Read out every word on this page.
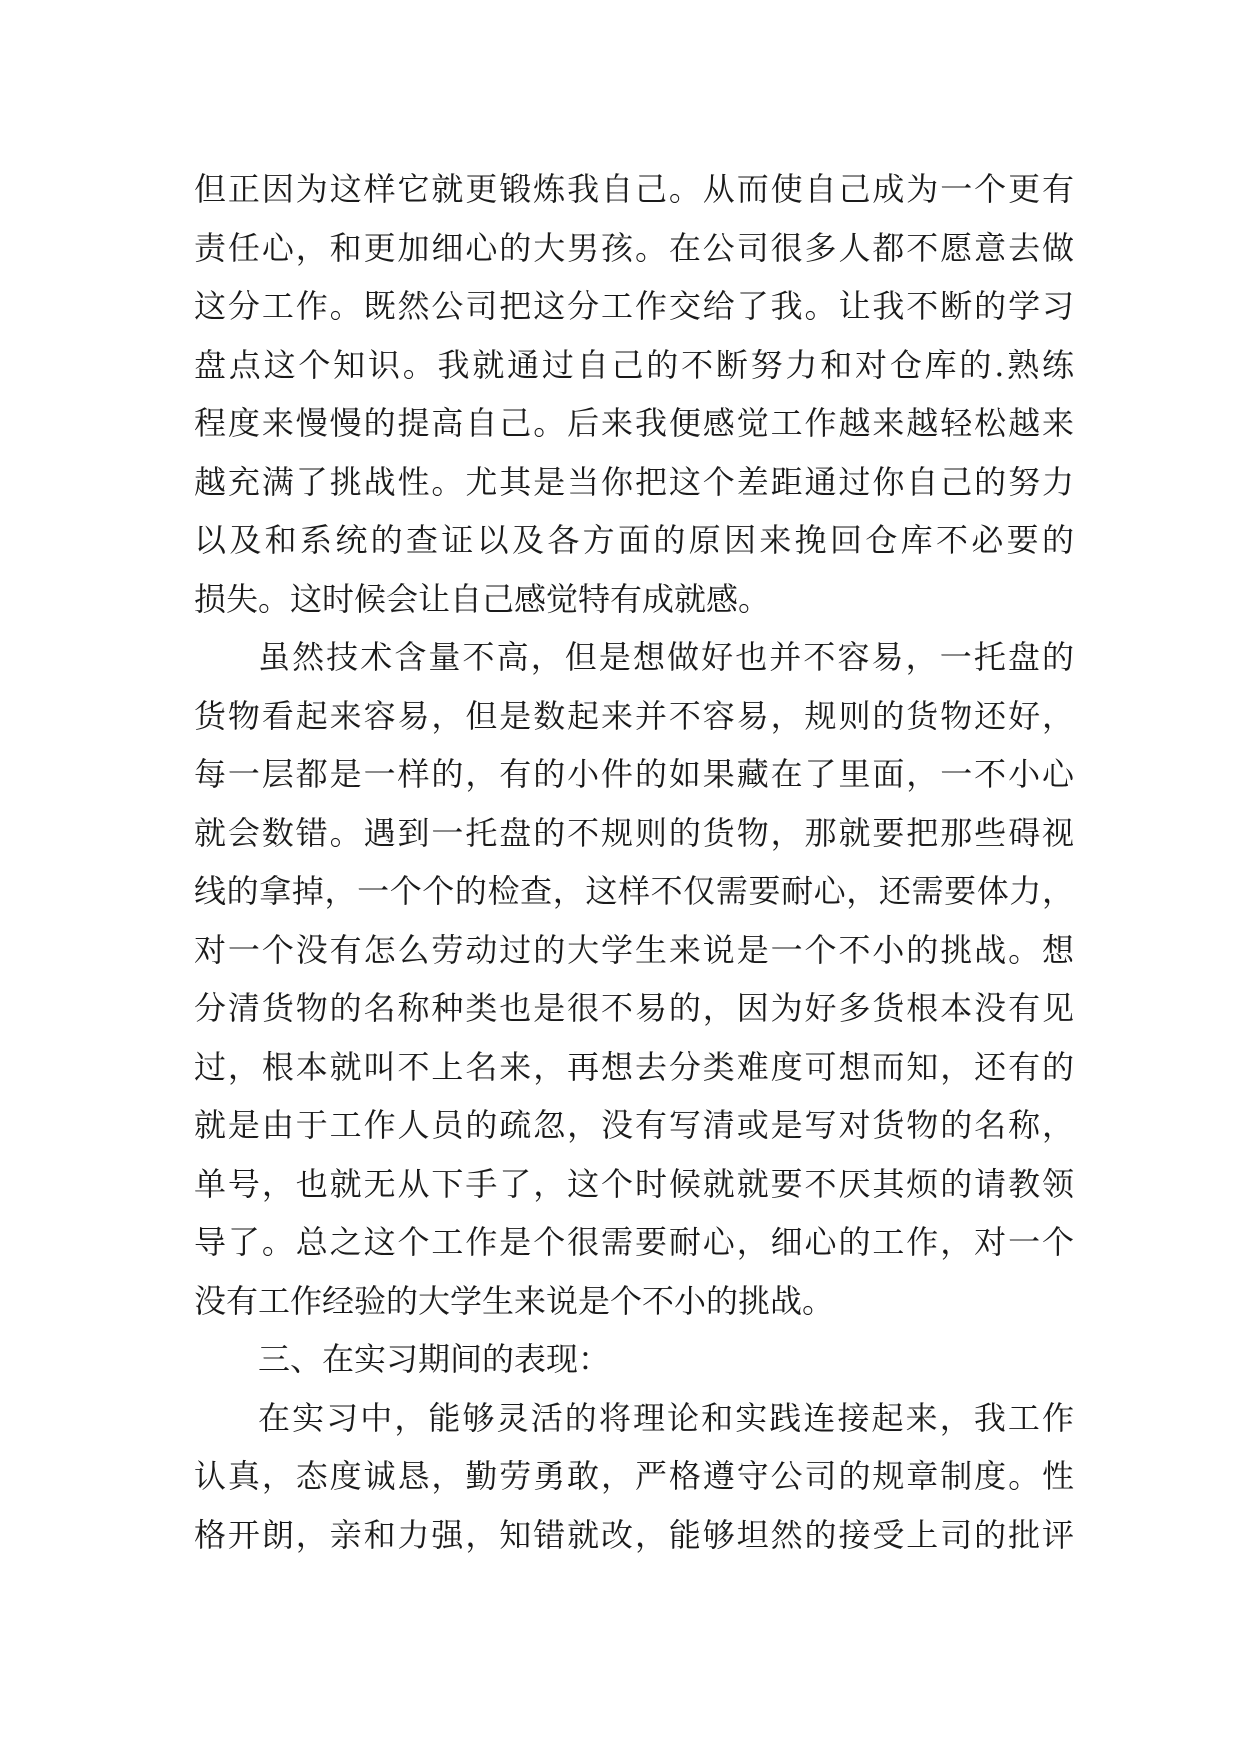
但正因为这样它就更锻炼我自己。从而使自己成为一个更有
责任心，和更加细心的大男孩。在公司很多人都不愿意去做
这分工作。既然公司把这分工作交给了我。让我不断的学习
盘点这个知识。我就通过自己的不断努力和对仓库的.熟练
程度来慢慢的提高自己。后来我便感觉工作越来越轻松越来
越充满了挑战性。尤其是当你把这个差距通过你自己的努力
以及和系统的查证以及各方面的原因来挽回仓库不必要的
损失。这时候会让自己感觉特有成就感。
虽然技术含量不高，但是想做好也并不容易，一托盘的
货物看起来容易，但是数起来并不容易，规则的货物还好，
每一层都是一样的，有的小件的如果藏在了里面，一不小心
就会数错。遇到一托盘的不规则的货物，那就要把那些碍视
线的拿掉，一个个的检查，这样不仅需要耐心，还需要体力，
对一个没有怎么劳动过的大学生来说是一个不小的挑战。想
分清货物的名称种类也是很不易的，因为好多货根本没有见
过，根本就叫不上名来，再想去分类难度可想而知，还有的
就是由于工作人员的疏忽，没有写清或是写对货物的名称，
单号，也就无从下手了，这个时候就就要不厌其烦的请教领
导了。总之这个工作是个很需要耐心，细心的工作，对一个
没有工作经验的大学生来说是个不小的挑战。
三、在实习期间的表现：
在实习中，能够灵活的将理论和实践连接起来，我工作
认真，态度诚恳，勤劳勇敢，严格遵守公司的规章制度。性
格开朗，亲和力强，知错就改，能够坦然的接受上司的批评
